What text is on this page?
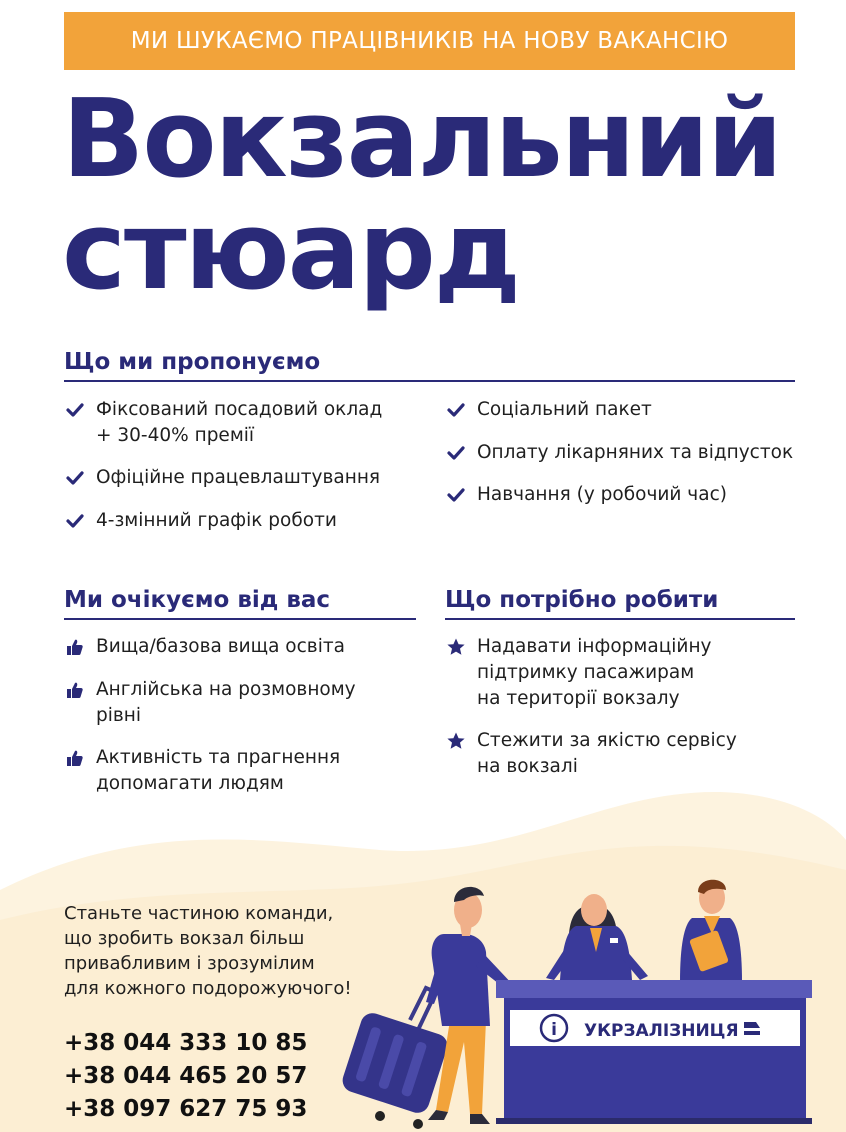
МИ ШУКАЄМО ПРАЦІВНИКІВ НА НОВУ ВАКАНСІЮ
Вокзальний
стюард
Що ми пропонуємо
Фіксований посадовий оклад
+ 30-40% премії
Офіційне працевлаштування
4-змінний графік роботи
Соціальний пакет
Оплату лікарняних та відпусток
Навчання (у робочий час)
Ми очікуємо від вас
Вища/базова вища освіта
Англійська на розмовному
рівні
Активність та прагнення
допомагати людям
Що потрібно робити
Надавати інформаційну
підтримку пасажирам
на території вокзалу
Стежити за якістю сервісу
на вокзалі
Станьте частиною команди,
що зробить вокзал більш
привабливим і зрозумілим
для кожного подорожуючого!
+38 044 333 10 85
+38 044 465 20 57
+38 097 627 75 93
i УКРЗАЛІЗНИЦЯ
